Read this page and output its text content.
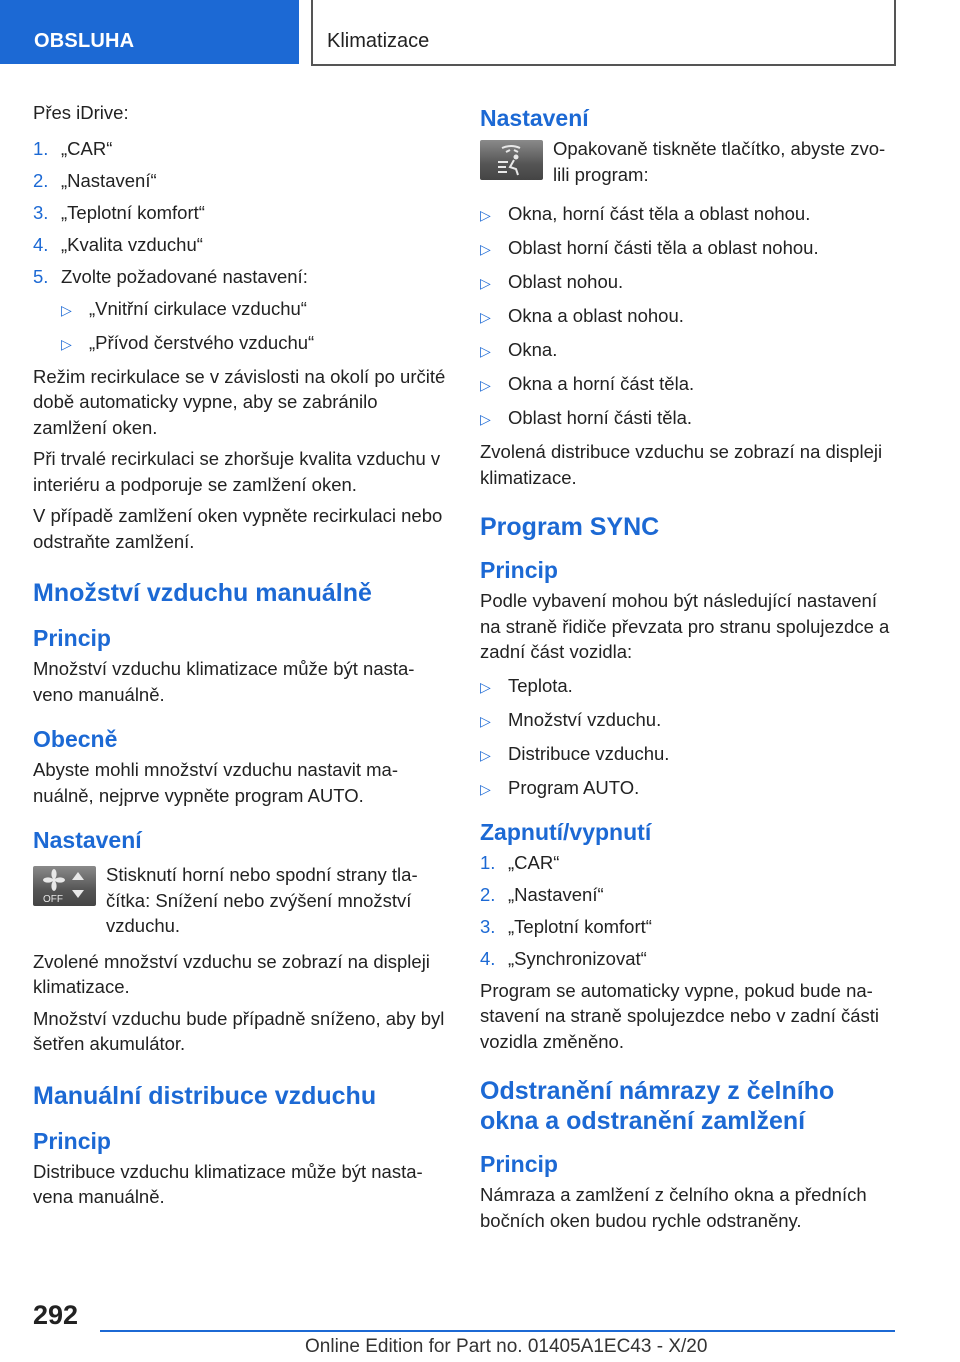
OBSLUHA	Klimatizace

Přes iDrive:

1. „CAR“
2. „Nastavení“
3. „Teplotní komfort“
4. „Kvalita vzduchu“
5. Zvolte požadované nastavení:
▷ „Vnitřní cirkulace vzduchu“
▷ „Přívod čerstvého vzduchu“

Režim recirkulace se v závislosti na okolí po určité době automaticky vypne, aby se zabránilo zamlžení oken.

Při trvalé recirkulaci se zhoršuje kvalita vzduchu v interiéru a podporuje se zamlžení oken.

V případě zamlžení oken vypněte recirkulaci nebo odstraňte zamlžení.

Množství vzduchu manuálně
Princip

Množství vzduchu klimatizace může být nastaveno manuálně.

Obecně

Abyste mohli množství vzduchu nastavit manuálně, nejprve vypněte program AUTO.

Nastavení
OFF
Stisknutí horní nebo spodní strany tlačítka: Snížení nebo zvýšení množství vzduchu.

Zvolené množství vzduchu se zobrazí na displeji klimatizace.

Množství vzduchu bude případně sníženo, aby byl šetřen akumulátor.

Manuální distribuce vzduchu
Princip

Distribuce vzduchu klimatizace může být nastavena manuálně.

Nastavení
Opakovaně tiskněte tlačítko, abyste zvolili program:
▷ Okna, horní část těla a oblast nohou.
▷ Oblast horní části těla a oblast nohou.
▷ Oblast nohou.
▷ Okna a oblast nohou.
▷ Okna.
▷ Okna a horní část těla.
▷ Oblast horní části těla.

Zvolená distribuce vzduchu se zobrazí na displeji klimatizace.

Program SYNC
Princip

Podle vybavení mohou být následující nastavení na straně řidiče převzata pro stranu spolujezdce a zadní část vozidla:

▷ Teplota.
▷ Množství vzduchu.
▷ Distribuce vzduchu.
▷ Program AUTO.
Zapnutí/vypnutí
1. „CAR“
2. „Nastavení“
3. „Teplotní komfort“
4. „Synchronizovat“

Program se automaticky vypne, pokud bude nastavení na straně spolujezdce nebo v zadní části vozidla změněno.

Odstranění námrazy z čelního okna a odstranění zamlžení
Princip

Námraza a zamlžení z čelního okna a předních bočních oken budou rychle odstraněny.

292
Online Edition for Part no. 01405A1EC43 - X/20
